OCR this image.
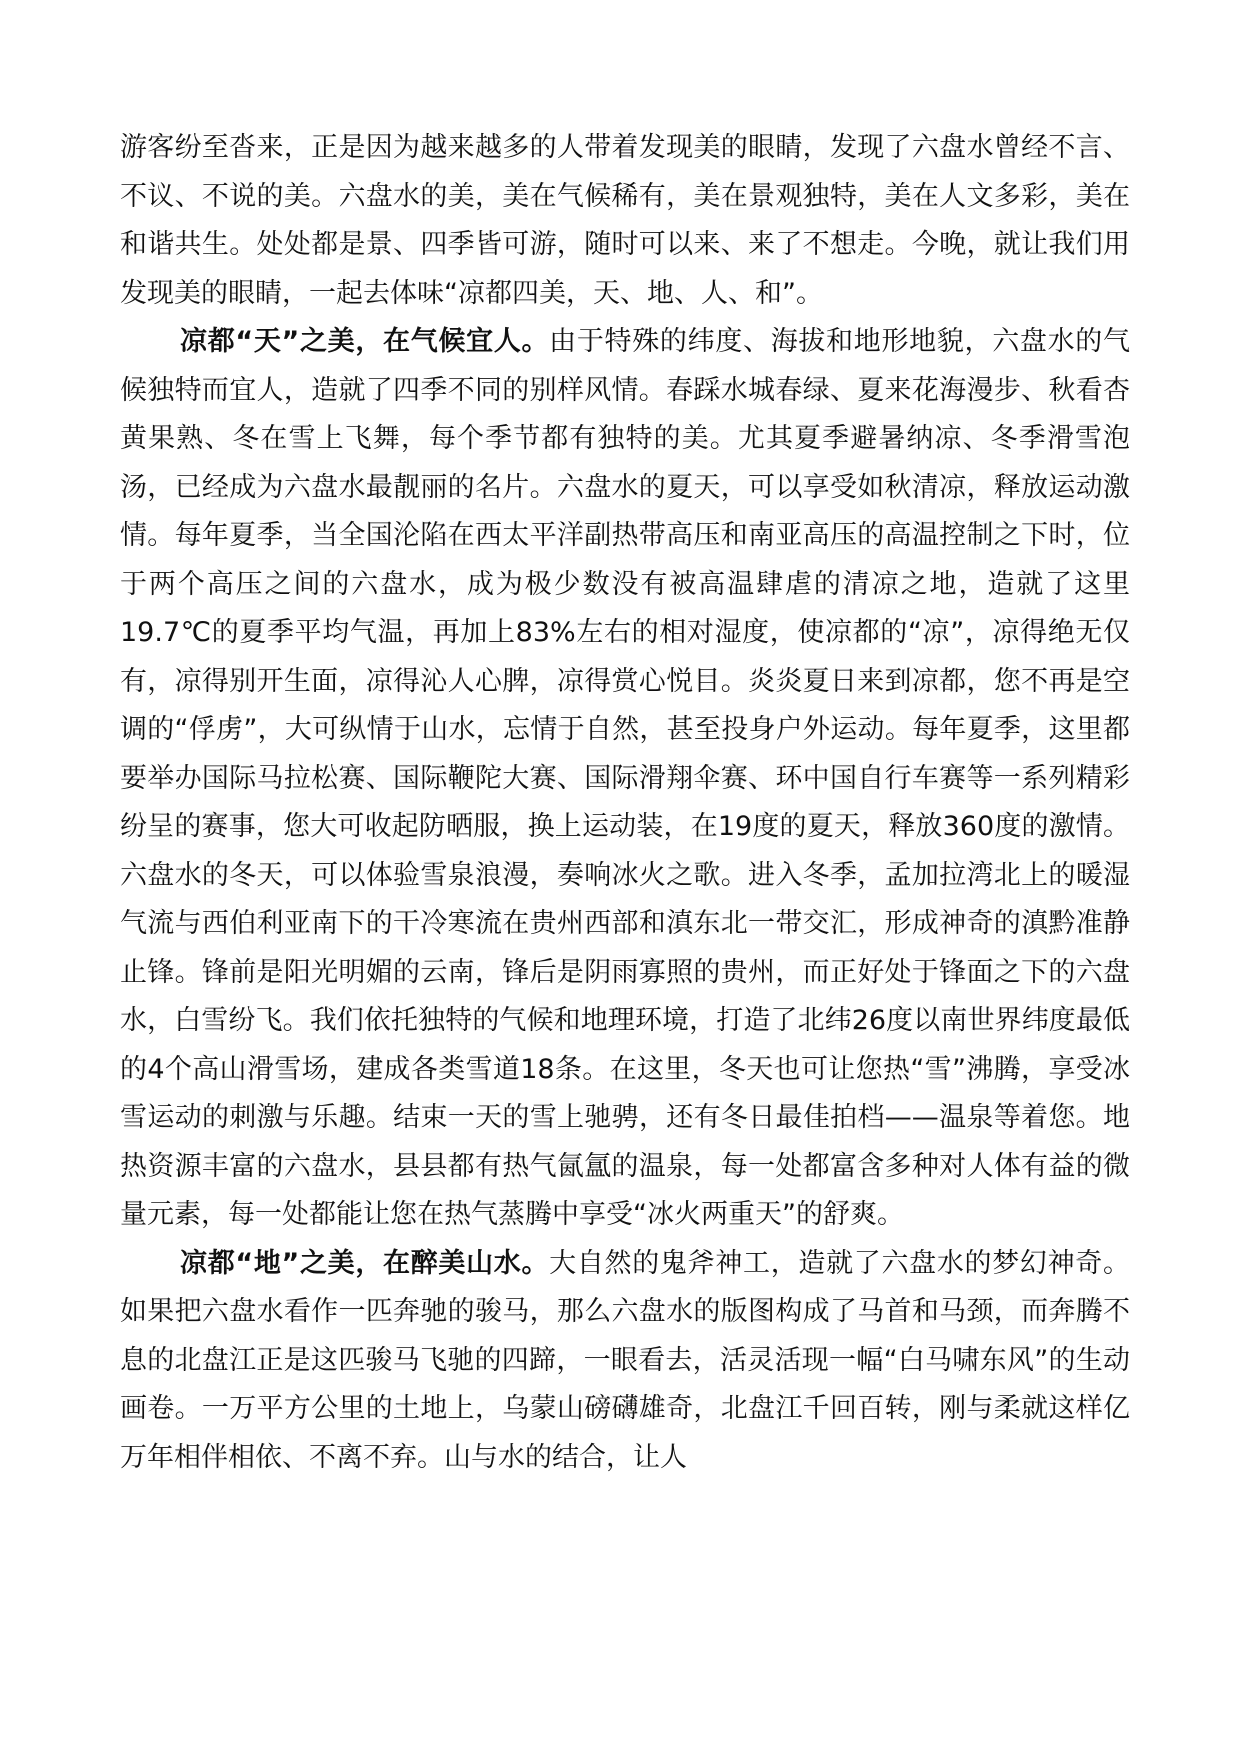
游客纷至沓来，正是因为越来越多的人带着发现美的眼睛，发现了六盘水曾经不言、不议、不说的美。六盘水的美，美在气候稀有，美在景观独特，美在人文多彩，美在和谐共生。处处都是景、四季皆可游，随时可以来、来了不想走。今晚，就让我们用发现美的眼睛，一起去体味“凉都四美，天、地、人、和”。

凉都“天”之美，在气候宜人。由于特殊的纬度、海拔和地形地貌，六盘水的气候独特而宜人，造就了四季不同的别样风情。春踩水城春绿、夏来花海漫步、秋看杏黄果熟、冬在雪上飞舞，每个季节都有独特的美。尤其夏季避暑纳凉、冬季滑雪泡汤，已经成为六盘水最靓丽的名片。六盘水的夏天，可以享受如秋清凉，释放运动激情。每年夏季，当全国沦陷在西太平洋副热带高压和南亚高压的高温控制之下时，位于两个高压之间的六盘水，成为极少数没有被高温肆虐的清凉之地，造就了这里19.7℃的夏季平均气温，再加上83%左右的相对湿度，使凉都的“凉”，凉得绝无仅有，凉得别开生面，凉得沁人心脾，凉得赏心悦目。炎炎夏日来到凉都，您不再是空调的“俘虏”，大可纵情于山水，忘情于自然，甚至投身户外运动。每年夏季，这里都要举办国际马拉松赛、国际鞭陀大赛、国际滑翔伞赛、环中国自行车赛等一系列精彩纷呈的赛事，您大可收起防晒服，换上运动装，在19度的夏天，释放360度的激情。六盘水的冬天，可以体验雪泉浪漫，奏响冰火之歌。进入冬季，孟加拉湾北上的暖湿气流与西伯利亚南下的干冷寒流在贵州西部和滇东北一带交汇，形成神奇的滇黔准静止锋。锋前是阳光明媚的云南，锋后是阴雨寡照的贵州，而正好处于锋面之下的六盘水，白雪纷飞。我们依托独特的气候和地理环境，打造了北纬26度以南世界纬度最低的4个高山滑雪场，建成各类雪道18条。在这里，冬天也可让您热“雪”沸腾，享受冰雪运动的刺激与乐趣。结束一天的雪上驰骋，还有冬日最佳拍档——温泉等着您。地热资源丰富的六盘水，县县都有热气氤氲的温泉，每一处都富含多种对人体有益的微量元素，每一处都能让您在热气蒸腾中享受“冰火两重天”的舒爽。

凉都“地”之美，在醉美山水。大自然的鬼斧神工，造就了六盘水的梦幻神奇。如果把六盘水看作一匹奔驰的骏马，那么六盘水的版图构成了马首和马颈，而奔腾不息的北盘江正是这匹骏马飞驰的四蹄，一眼看去，活灵活现一幅“白马啸东风”的生动画卷。一万平方公里的土地上，乌蒙山磅礴雄奇，北盘江千回百转，刚与柔就这样亿万年相伴相依、不离不弃。山与水的结合，让人
